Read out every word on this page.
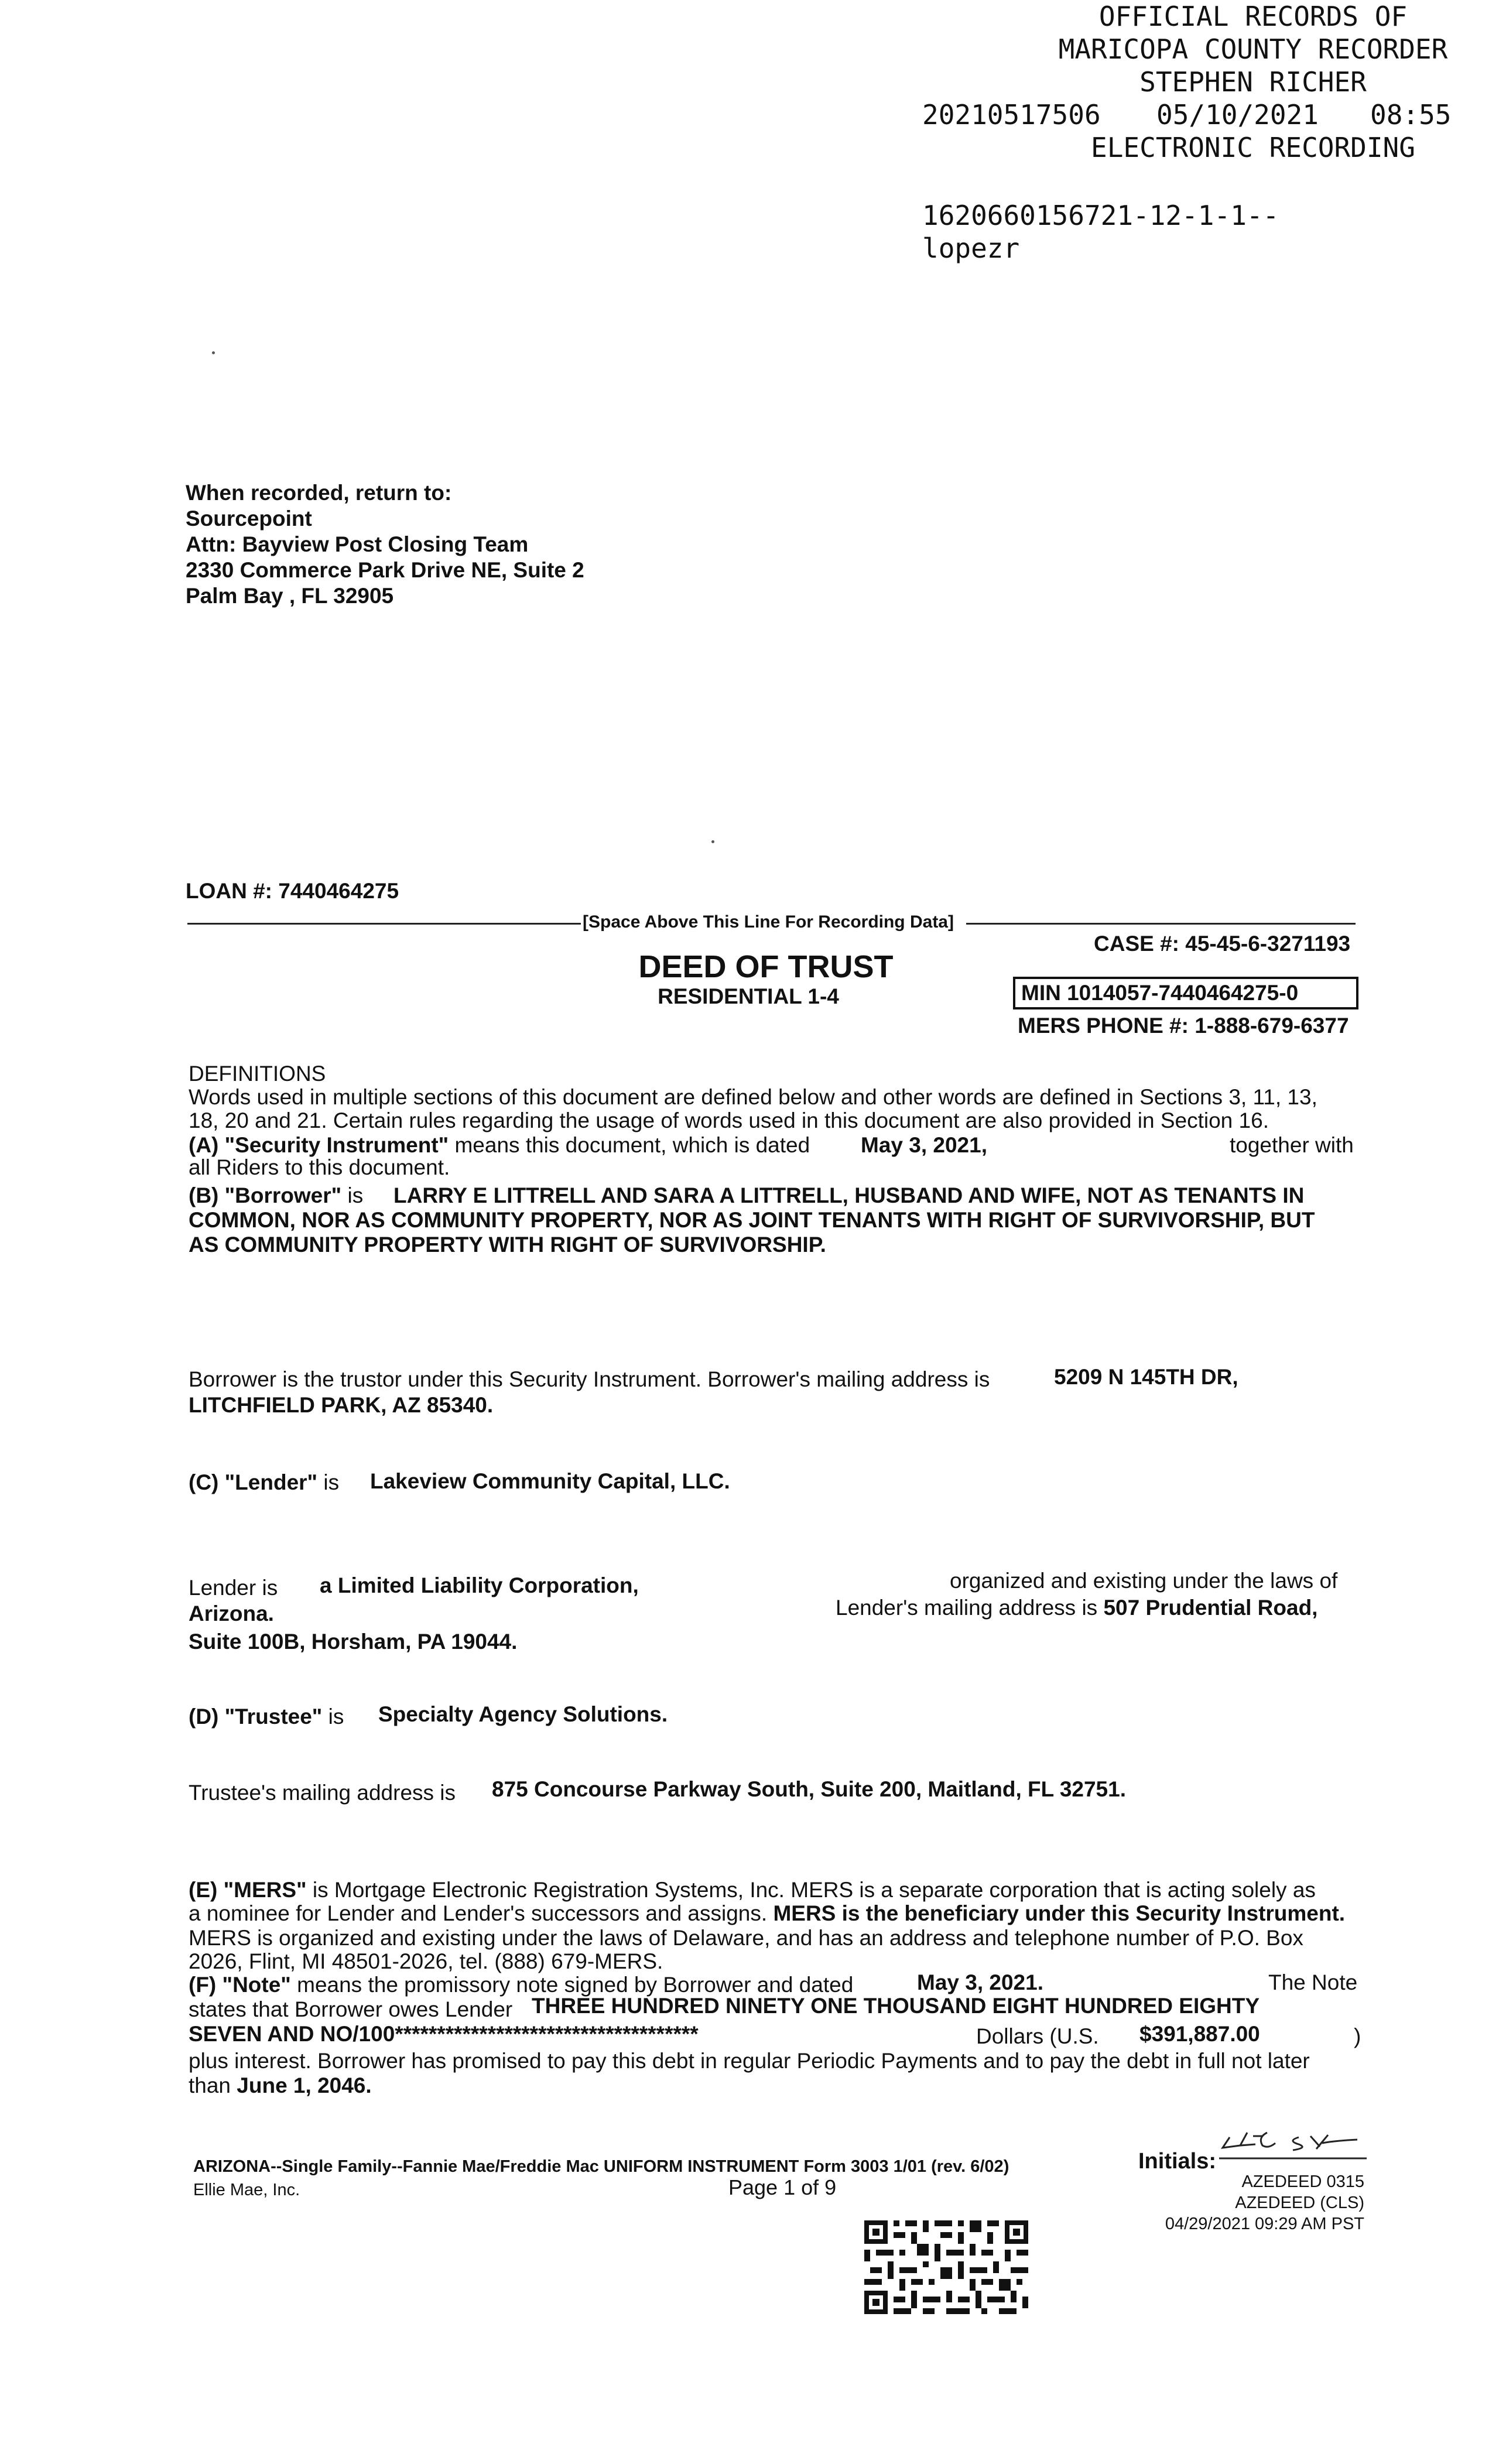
OFFICIAL RECORDS OF
MARICOPA COUNTY RECORDER
STEPHEN RICHER
20210517506 05/10/2021 08:55
ELECTRONIC RECORDING
1620660156721-12-1-1--
lopezr
When recorded, return to:
Sourcepoint
Attn: Bayview Post Closing Team
2330 Commerce Park Drive NE, Suite 2
Palm Bay , FL 32905
LOAN #: 7440464275
[Space Above This Line For Recording Data]
CASE #: 45-45-6-3271193
DEED OF TRUST
RESIDENTIAL 1-4	MIN 1014057-7440464275-0
MERS PHONE #: 1-888-679-6377
DEFINITIONS
Words used in multiple sections of this document are defined below and other words are defined in Sections 3, 11, 13,
18, 20 and 21. Certain rules regarding the usage of words used in this document are also provided in Section 16.
(A) "Security Instrument" means this document, which is dated May 3, 2021,	together with
all Riders to this document.
(B) "Borrower" is LARRY E LITTRELL AND SARA A LITTRELL, HUSBAND AND WIFE, NOT AS TENANTS IN
COMMON, NOR AS COMMUNITY PROPERTY, NOR AS JOINT TENANTS WITH RIGHT OF SURVIVORSHIP, BUT
AS COMMUNITY PROPERTY WITH RIGHT OF SURVIVORSHIP.
Borrower is the trustor under this Security Instrument. Borrower's mailing address is	5209 N 145TH DR,
LITCHFIELD PARK, AZ 85340.
(C) "Lender" is Lakeview Community Capital, LLC.
Lender is a Limited Liability Corporation,	organized and existing under the laws of
Arizona.	Lender's mailing address is 507 Prudential Road,
Suite 100B, Horsham, PA 19044.
(D) "Trustee" is Specialty Agency Solutions.
Trustee's mailing address is 875 Concourse Parkway South, Suite 200, Maitland, FL 32751.
(E) "MERS" is Mortgage Electronic Registration Systems, Inc. MERS is a separate corporation that is acting solely as
a nominee for Lender and Lender's successors and assigns. MERS is the beneficiary under this Security Instrument.
MERS is organized and existing under the laws of Delaware, and has an address and telephone number of P.O. Box
2026, Flint, MI 48501-2026, tel. (888) 679-MERS.
(F) "Note" means the promissory note signed by Borrower and dated	May 3, 2021.	The Note
states that Borrower owes Lender THREE HUNDRED NINETY ONE THOUSAND EIGHT HUNDRED EIGHTY
SEVEN AND NO/100************************************	Dollars (U.S. $391,887.00	)
plus interest. Borrower has promised to pay this debt in regular Periodic Payments and to pay the debt in full not later
than June 1, 2046.
ARIZONA--Single Family--Fannie Mae/Freddie Mac UNIFORM INSTRUMENT Form 3003 1/01 (rev. 6/02)
Ellie Mae, Inc.	Page 1 of 9
Initials:
AZEDEED 0315
AZEDEED (CLS)
04/29/2021 09:29 AM PST
